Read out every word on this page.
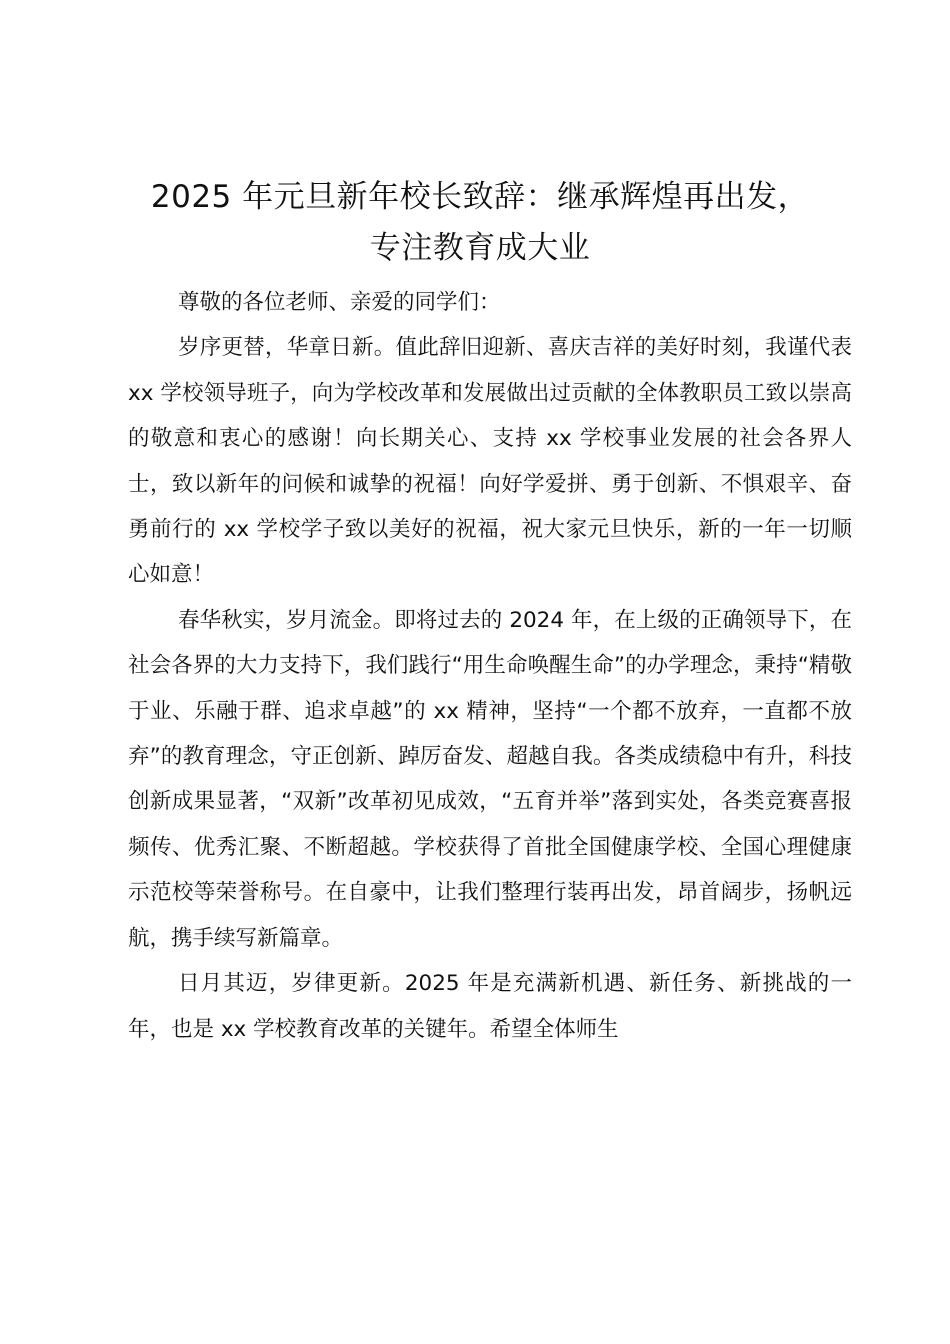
2025 年元旦新年校长致辞：继承辉煌再出发，
专注教育成大业

尊敬的各位老师、亲爱的同学们：

岁序更替，华章日新。值此辞旧迎新、喜庆吉祥的美好时刻，我谨代表 xx 学校领导班子，向为学校改革和发展做出过贡献的全体教职员工致以崇高的敬意和衷心的感谢！向长期关心、支持 xx 学校事业发展的社会各界人士，致以新年的问候和诚挚的祝福！向好学爱拼、勇于创新、不惧艰辛、奋勇前行的 xx 学校学子致以美好的祝福，祝大家元旦快乐，新的一年一切顺心如意！

春华秋实，岁月流金。即将过去的 2024 年，在上级的正确领导下，在社会各界的大力支持下，我们践行“用生命唤醒生命”的办学理念，秉持“精敬于业、乐融于群、追求卓越”的 xx 精神，坚持“一个都不放弃，一直都不放弃”的教育理念，守正创新、踔厉奋发、超越自我。各类成绩稳中有升，科技创新成果显著，“双新”改革初见成效，“五育并举”落到实处，各类竞赛喜报频传、优秀汇聚、不断超越。学校获得了首批全国健康学校、全国心理健康示范校等荣誉称号。在自豪中，让我们整理行装再出发，昂首阔步，扬帆远航，携手续写新篇章。

日月其迈，岁律更新。2025 年是充满新机遇、新任务、新挑战的一年，也是 xx 学校教育改革的关键年。希望全体师生
